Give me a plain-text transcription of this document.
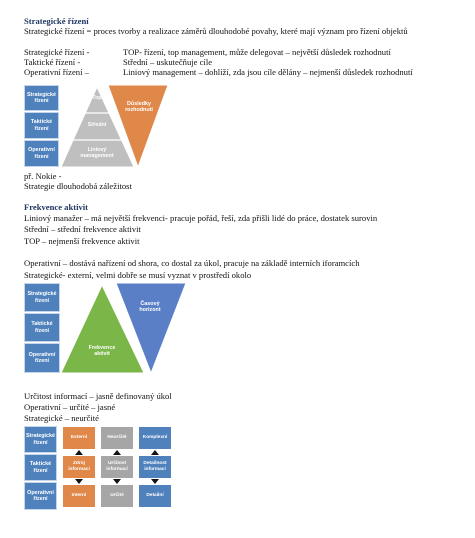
Strategické řízení
Strategické řízení = proces tvorby a realizace záměrů dlouhodobé povahy, které mají význam pro řízení objektů
Strategické řízení -	TOP- řízení, top management, může delegovat – největší důsledek rozhodnutí
Taktické řízení -	Střední – uskutečňuje cíle
Operativní řízení –	Liniový management – dohlíží, zda jsou cíle dělány – nejmenší důsledek rozhodnutí
Strategické řízení
Taktické řízení
Operativní řízení
Top
Střední
Liniový management
Důsledky rozhodnutí
př. Nokie -
Strategie dlouhodobá záležitost
Frekvence aktivit
Liniový manažer – má největší frekvenci- pracuje pořád, řeší, zda přišli lidé do práce, dostatek surovin
Střední – střední frekvence aktivit
TOP – nejmenší frekvence aktivit
Operativní – dostává nařízení od shora, co dostal za úkol, pracuje na základě interních iforamcích
Strategické- externí, velmi dobře se musí vyznat v prostředí okolo
Strategické řízení
Taktické řízení
Operativní řízení
Frekvence aktivit
Časový horizont
Určitost informací – jasně definovaný úkol
Operativní – určité – jasné
Strategické – neurčité
Strategické řízení
Taktické řízení
Operativní řízení
Externí
Zdroj informací
Interní
Neurčité
Určitost informací
Určité
Komplexní
Detailnost informací
Detailní
